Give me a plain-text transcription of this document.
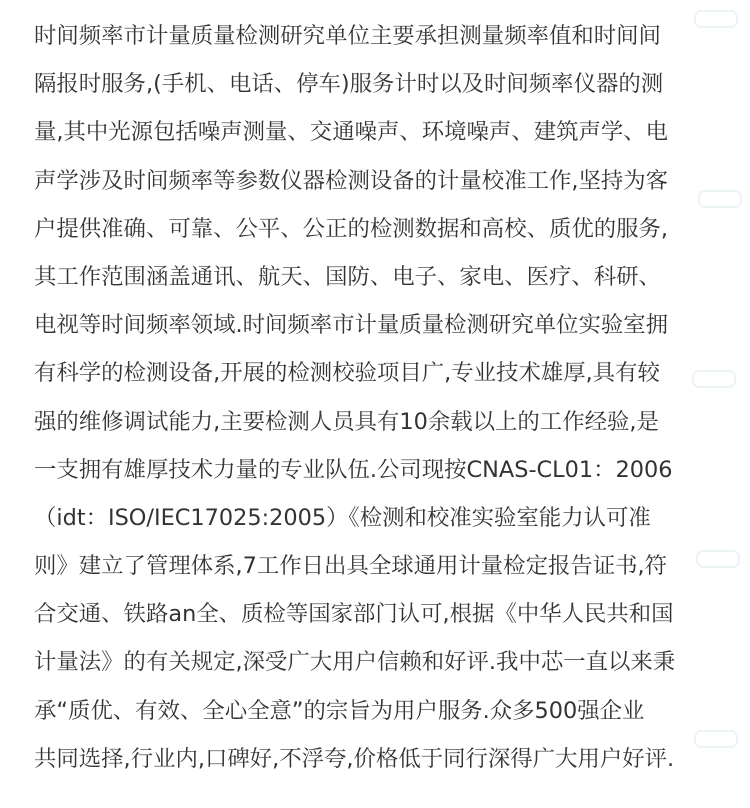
时间频率市计量质量检测研究单位主要承担测量频率值和时间间
隔报时服务,(手机、电话、停车)服务计时以及时间频率仪器的测
量,其中光源包括噪声测量、交通噪声、环境噪声、建筑声学、电
声学涉及时间频率等参数仪器检测设备的计量校准工作,坚持为客
户提供准确、可靠、公平、公正的检测数据和高校、质优的服务,
其工作范围涵盖通讯、航天、国防、电子、家电、医疗、科研、
电视等时间频率领域.时间频率市计量质量检测研究单位实验室拥
有科学的检测设备,开展的检测校验项目广,专业技术雄厚,具有较
强的维修调试能力,主要检测人员具有10余载以上的工作经验,是
一支拥有雄厚技术力量的专业队伍.公司现按CNAS-CL01：2006
（idt：ISO/IEC17025:2005）《检测和校准实验室能力认可准
则》建立了管理体系,7工作日出具全球通用计量检定报告证书,符
合交通、铁路an全、质检等国家部门认可,根据《中华人民共和国
计量法》的有关规定,深受广大用户信赖和好评.我中芯一直以来秉
承“质优、有效、全心全意”的宗旨为用户服务.众多500强企业
共同选择,行业内,口碑好,不浮夸,价格低于同行深得广大用户好评.
